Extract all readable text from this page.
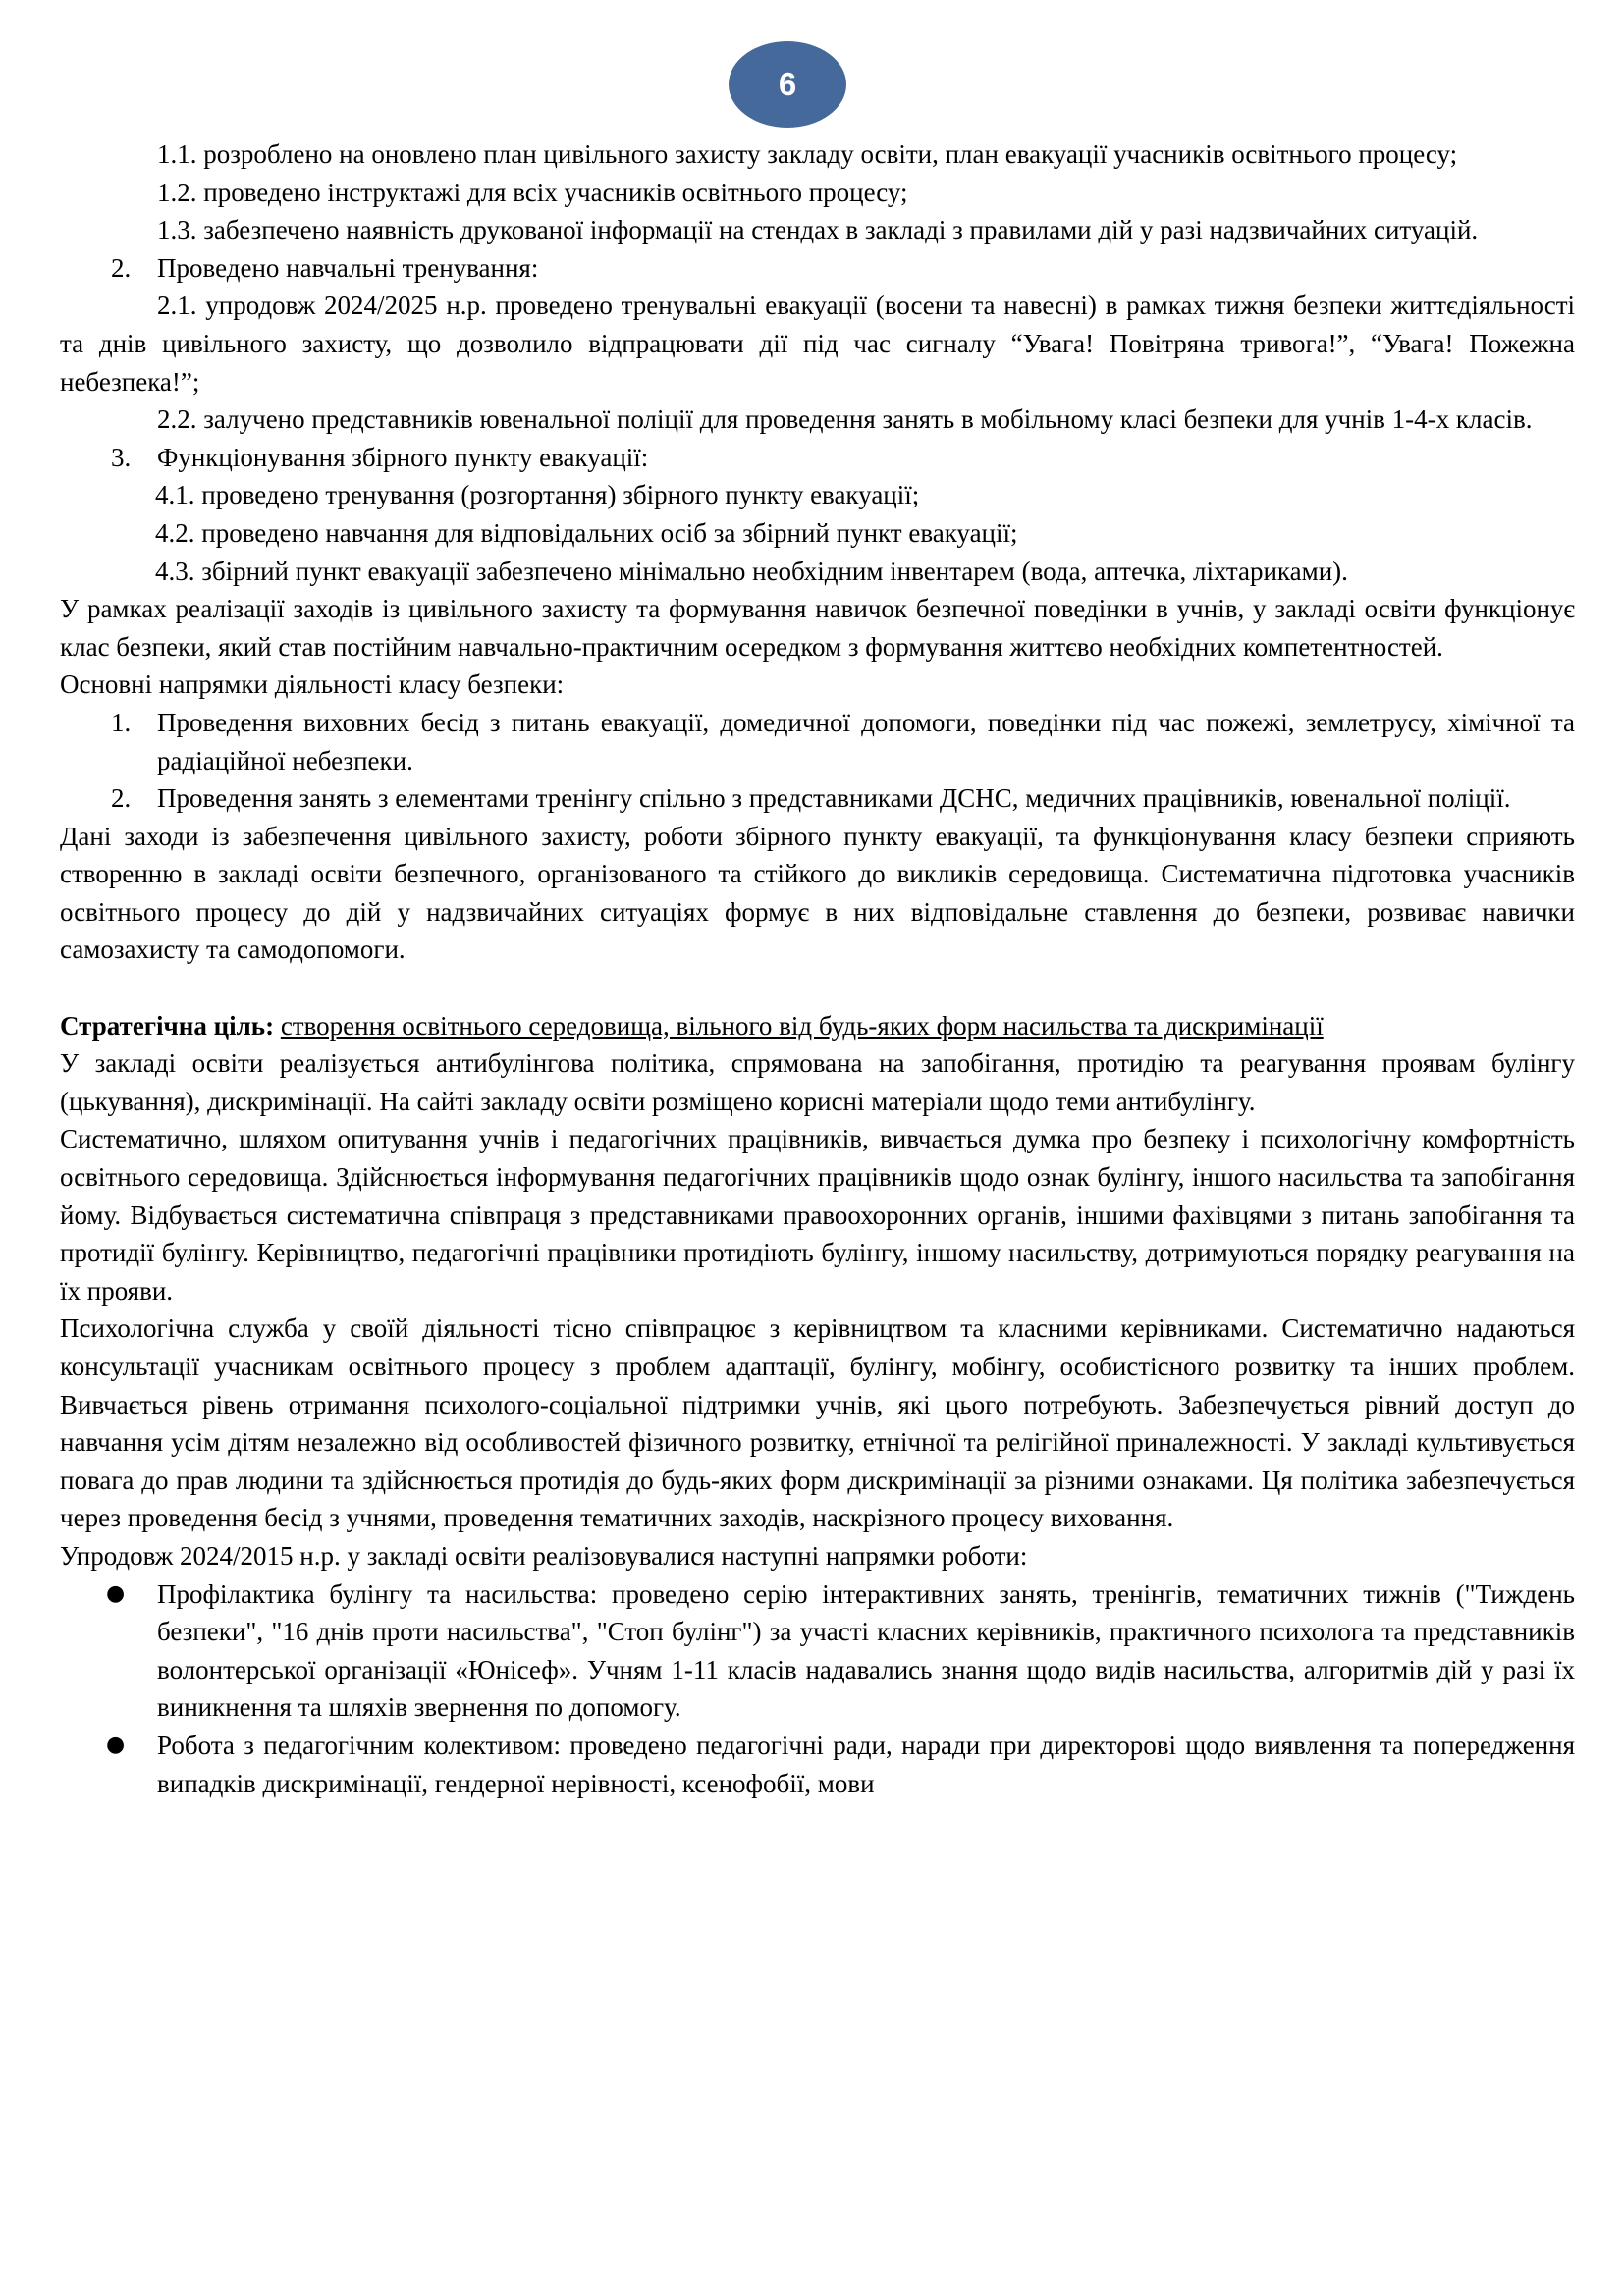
6

1.1. розроблено на оновлено план цивільного захисту закладу освіти, план евакуації учасників освітнього процесу;

1.2. проведено інструктажі для всіх учасників освітнього процесу;

1.3. забезпечено наявність друкованої інформації на стендах в закладі з правилами дій у разі надзвичайних ситуацій.

2. Проведено навчальні тренування:

2.1. упродовж 2024/2025 н.р. проведено тренувальні евакуації (восени та навесні) в рамках тижня безпеки життєдіяльності та днів цивільного захисту, що дозволило відпрацювати дії під час сигналу “Увага! Повітряна тривога!”, “Увага! Пожежна небезпека!”;

2.2. залучено представників ювенальної поліції для проведення занять в мобільному класі безпеки для учнів 1-4-х класів.

3. Функціонування збірного пункту евакуації:

4.1. проведено тренування (розгортання) збірного пункту евакуації;

4.2. проведено навчання для відповідальних осіб за збірний пункт евакуації;

4.3. збірний пункт евакуації забезпечено мінімально необхідним інвентарем (вода, аптечка, ліхтариками).

У рамках реалізації заходів із цивільного захисту та формування навичок безпечної поведінки в учнів, у закладі освіти функціонує клас безпеки, який став постійним навчально-практичним осередком з формування життєво необхідних компетентностей.

Основні напрямки діяльності класу безпеки:

1. Проведення виховних бесід з питань евакуації, домедичної допомоги, поведінки під час пожежі, землетрусу, хімічної та радіаційної небезпеки.

2. Проведення занять з елементами тренінгу спільно з представниками ДСНС, медичних працівників, ювенальної поліції.

Дані заходи із забезпечення цивільного захисту, роботи збірного пункту евакуації, та функціонування класу безпеки сприяють створенню в закладі освіти безпечного, організованого та стійкого до викликів середовища. Систематична підготовка учасників освітнього процесу до дій у надзвичайних ситуаціях формує в них відповідальне ставлення до безпеки, розвиває навички самозахисту та самодопомоги.

Стратегічна ціль: створення освітнього середовища, вільного від будь-яких форм насильства та дискримінації

У закладі освіти реалізується антибулінгова політика, спрямована на запобігання, протидію та реагування проявам булінгу (цькування), дискримінації. На сайті закладу освіти розміщено корисні матеріали щодо теми антибулінгу.

Систематично, шляхом опитування учнів і педагогічних працівників, вивчається думка про безпеку і психологічну комфортність освітнього середовища. Здійснюється інформування педагогічних працівників щодо ознак булінгу, іншого насильства та запобігання йому. Відбувається систематична співпраця з представниками правоохоронних органів, іншими фахівцями з питань запобігання та протидії булінгу. Керівництво, педагогічні працівники протидіють булінгу, іншому насильству, дотримуються порядку реагування на їх прояви.

Психологічна служба у своїй діяльності тісно співпрацює з керівництвом та класними керівниками. Систематично надаються консультації учасникам освітнього процесу з проблем адаптації, булінгу, мобінгу, особистісного розвитку та інших проблем. Вивчається рівень отримання психолого-соціальної підтримки учнів, які цього потребують. Забезпечується рівний доступ до навчання усім дітям незалежно від особливостей фізичного розвитку, етнічної та релігійної приналежності. У закладі культивується повага до прав людини та здійснюється протидія до будь-яких форм дискримінації за різними ознаками. Ця політика забезпечується через проведення бесід з учнями, проведення тематичних заходів, наскрізного процесу виховання.

Упродовж 2024/2015 н.р. у закладі освіти реалізовувалися наступні напрямки роботи:

● Профілактика булінгу та насильства: проведено серію інтерактивних занять, тренінгів, тематичних тижнів ("Тиждень безпеки", "16 днів проти насильства", "Стоп булінг") за участі класних керівників, практичного психолога та представників волонтерської організації «Юнісеф». Учням 1-11 класів надавались знання щодо видів насильства, алгоритмів дій у разі їх виникнення та шляхів звернення по допомогу.

● Робота з педагогічним колективом: проведено педагогічні ради, наради при директорові щодо виявлення та попередження випадків дискримінації, гендерної нерівності, ксенофобії, мови
